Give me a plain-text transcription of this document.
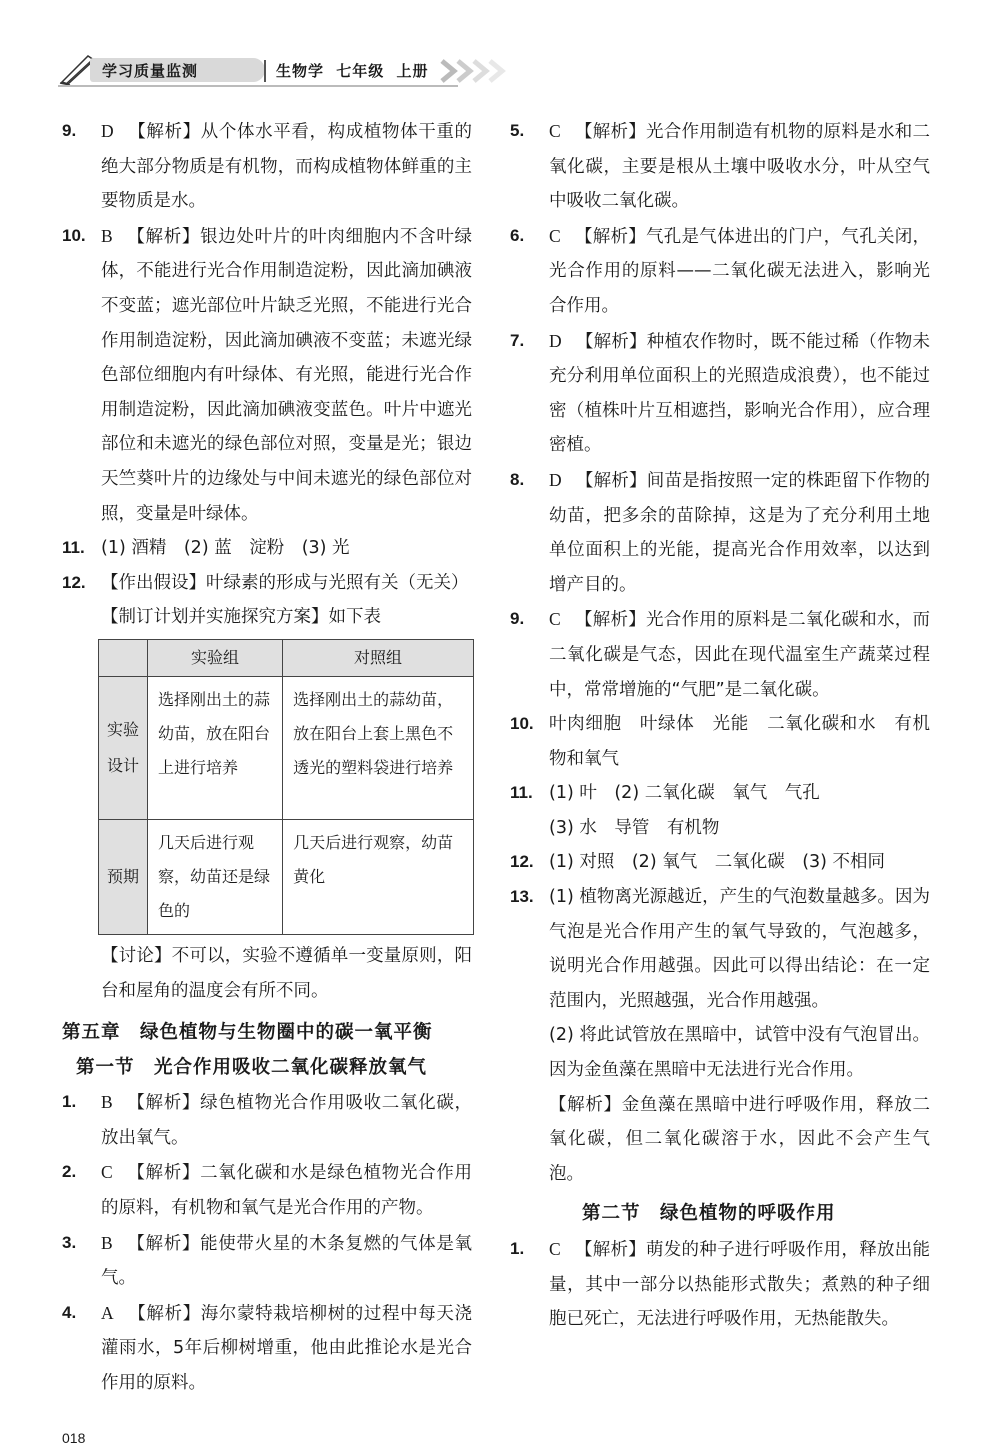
学习质量监测	生物学 七年级 上册
9. D 【解析】从个体水平看，构成植物体干重的绝大部分物质是有机物，而构成植物体鲜重的主要物质是水。
10. B 【解析】银边处叶片的叶肉细胞内不含叶绿体，不能进行光合作用制造淀粉，因此滴加碘液不变蓝；遮光部位叶片缺乏光照，不能进行光合作用制造淀粉，因此滴加碘液不变蓝；未遮光绿色部位细胞内有叶绿体、有光照，能进行光合作用制造淀粉，因此滴加碘液变蓝色。叶片中遮光部位和未遮光的绿色部位对照，变量是光；银边天竺葵叶片的边缘处与中间未遮光的绿色部位对照，变量是叶绿体。
11. (1) 酒精　(2) 蓝　淀粉　(3) 光
12. 【作出假设】叶绿素的形成与光照有关（无关）
【制订计划并实施探究方案】如下表
	实验组	对照组
实验设计	选择刚出土的蒜幼苗，放在阳台上进行培养	选择刚出土的蒜幼苗，放在阳台上套上黑色不透光的塑料袋进行培养
预期	几天后进行观察，幼苗还是绿色的	几天后进行观察，幼苗黄化
【讨论】不可以，实验不遵循单一变量原则，阳台和屋角的温度会有所不同。
第五章　绿色植物与生物圈中的碳一氧平衡
第一节　光合作用吸收二氧化碳释放氧气
1. B 【解析】绿色植物光合作用吸收二氧化碳，放出氧气。
2. C 【解析】二氧化碳和水是绿色植物光合作用的原料，有机物和氧气是光合作用的产物。
3. B 【解析】能使带火星的木条复燃的气体是氧气。
4. A 【解析】海尔蒙特栽培柳树的过程中每天浇灌雨水，5年后柳树增重，他由此推论水是光合作用的原料。
5. C 【解析】光合作用制造有机物的原料是水和二氧化碳，主要是根从土壤中吸收水分，叶从空气中吸收二氧化碳。
6. C 【解析】气孔是气体进出的门户，气孔关闭，光合作用的原料——二氧化碳无法进入，影响光合作用。
7. D 【解析】种植农作物时，既不能过稀（作物未充分利用单位面积上的光照造成浪费），也不能过密（植株叶片互相遮挡，影响光合作用），应合理密植。
8. D 【解析】间苗是指按照一定的株距留下作物的幼苗，把多余的苗除掉，这是为了充分利用土地单位面积上的光能，提高光合作用效率，以达到增产目的。
9. C 【解析】光合作用的原料是二氧化碳和水，而二氧化碳是气态，因此在现代温室生产蔬菜过程中，常常增施的“气肥”是二氧化碳。
10. 叶肉细胞　叶绿体　光能　二氧化碳和水　有机物和氧气
11. (1) 叶　(2) 二氧化碳　氧气　气孔
(3) 水　导管　有机物
12. (1) 对照　(2) 氧气　二氧化碳　(3) 不相同
13. (1) 植物离光源越近，产生的气泡数量越多。因为气泡是光合作用产生的氧气导致的，气泡越多，说明光合作用越强。因此可以得出结论：在一定范围内，光照越强，光合作用越强。
(2) 将此试管放在黑暗中，试管中没有气泡冒出。因为金鱼藻在黑暗中无法进行光合作用。
【解析】金鱼藻在黑暗中进行呼吸作用，释放二氧化碳，但二氧化碳溶于水，因此不会产生气泡。
第二节　绿色植物的呼吸作用
1. C 【解析】萌发的种子进行呼吸作用，释放出能量，其中一部分以热能形式散失；煮熟的种子细胞已死亡，无法进行呼吸作用，无热能散失。
018
